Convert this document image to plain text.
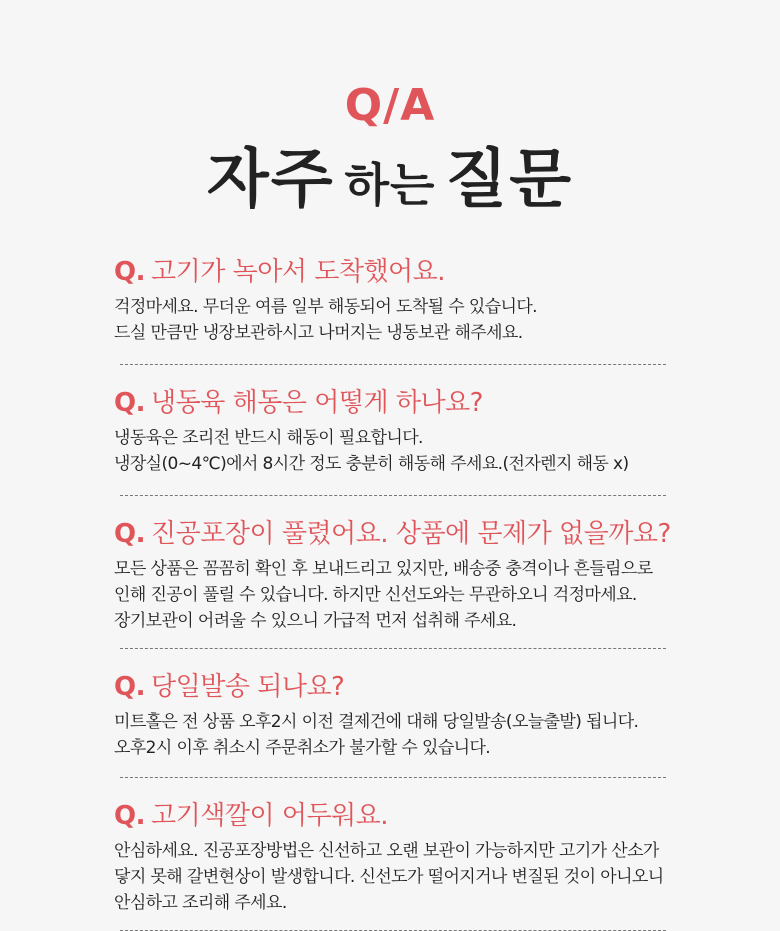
Q/A
자주 하는 질문
Q. 고기가 녹아서 도착했어요.
걱정마세요. 무더운 여름 일부 해동되어 도착될 수 있습니다.
드실 만큼만 냉장보관하시고 나머지는 냉동보관 해주세요.
Q. 냉동육 해동은 어떻게 하나요?
냉동육은 조리전 반드시 해동이 필요합니다.
냉장실(0~4℃)에서 8시간 정도 충분히 해동해 주세요.(전자렌지 해동 x)
Q. 진공포장이 풀렸어요. 상품에 문제가 없을까요?
모든 상품은 꼼꼼히 확인 후 보내드리고 있지만, 배송중 충격이나 흔들림으로
인해 진공이 풀릴 수 있습니다. 하지만 신선도와는 무관하오니 걱정마세요.
장기보관이 어려울 수 있으니 가급적 먼저 섭취해 주세요.
Q. 당일발송 되나요?
미트홀은 전 상품 오후2시 이전 결제건에 대해 당일발송(오늘출발) 됩니다.
오후2시 이후 취소시 주문취소가 불가할 수 있습니다.
Q. 고기색깔이 어두워요.
안심하세요. 진공포장방법은 신선하고 오랜 보관이 가능하지만 고기가 산소가
닿지 못해 갈변현상이 발생합니다. 신선도가 떨어지거나 변질된 것이 아니오니
안심하고 조리해 주세요.
